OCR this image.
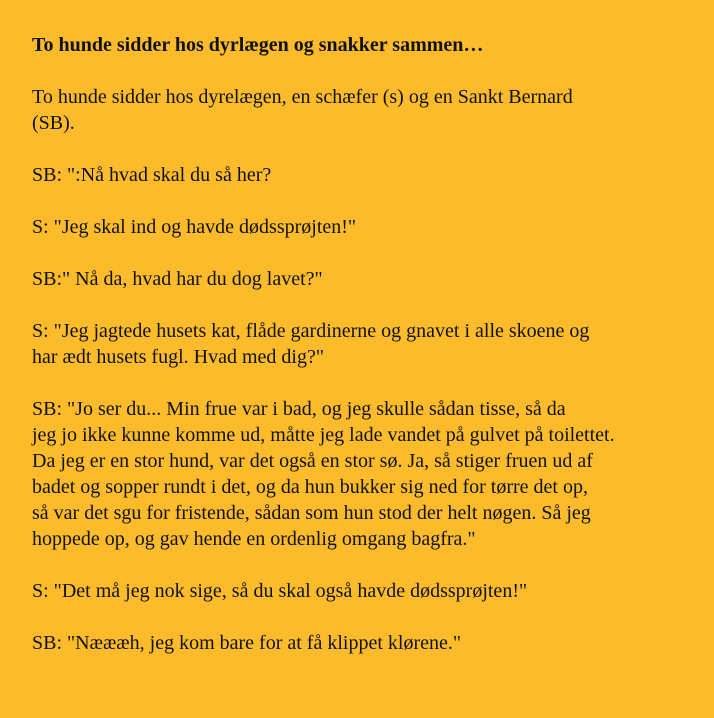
To hunde sidder hos dyrlægen og snakker sammen…

To hunde sidder hos dyrelægen, en schæfer (s) og en Sankt Bernard
(SB).

SB: ":Nå hvad skal du så her?

S: "Jeg skal ind og havde dødssprøjten!"

SB:" Nå da, hvad har du dog lavet?"

S: "Jeg jagtede husets kat, flåde gardinerne og gnavet i alle skoene og
har ædt husets fugl. Hvad med dig?"

SB: "Jo ser du... Min frue var i bad, og jeg skulle sådan tisse, så da
jeg jo ikke kunne komme ud, måtte jeg lade vandet på gulvet på toilettet.
Da jeg er en stor hund, var det også en stor sø. Ja, så stiger fruen ud af
badet og sopper rundt i det, og da hun bukker sig ned for tørre det op,
så var det sgu for fristende, sådan som hun stod der helt nøgen. Så jeg
hoppede op, og gav hende en ordenlig omgang bagfra."

S: "Det må jeg nok sige, så du skal også havde dødssprøjten!"

SB: "Næææh, jeg kom bare for at få klippet klørene."
